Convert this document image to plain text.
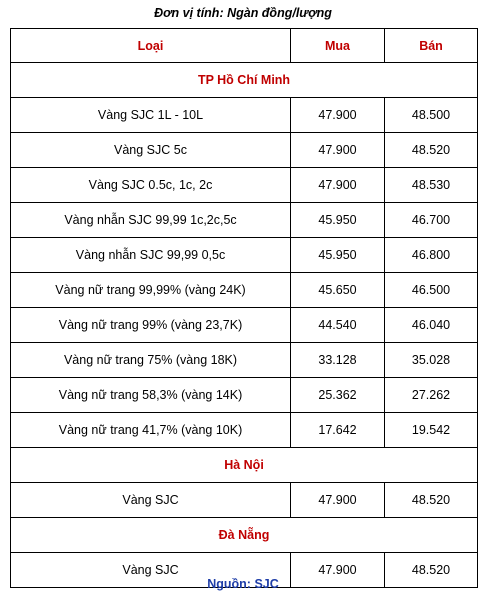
Đơn vị tính: Ngàn đồng/lượng
Loại	Mua	Bán
TP Hồ Chí Minh		
Vàng SJC 1L - 10L	47.900	48.500
Vàng SJC 5c	47.900	48.520
Vàng SJC 0.5c, 1c, 2c	47.900	48.530
Vàng nhẫn SJC 99,99 1c,2c,5c	45.950	46.700
Vàng nhẫn SJC 99,99 0,5c	45.950	46.800
Vàng nữ trang 99,99% (vàng 24K)	45.650	46.500
Vàng nữ trang 99% (vàng 23,7K)	44.540	46.040
Vàng nữ trang 75% (vàng 18K)	33.128	35.028
Vàng nữ trang 58,3% (vàng 14K)	25.362	27.262
Vàng nữ trang 41,7% (vàng 10K)	17.642	19.542
Hà Nội		
Vàng SJC	47.900	48.520
Đà Nẵng		
Vàng SJC	47.900	48.520
Nguồn: SJC
